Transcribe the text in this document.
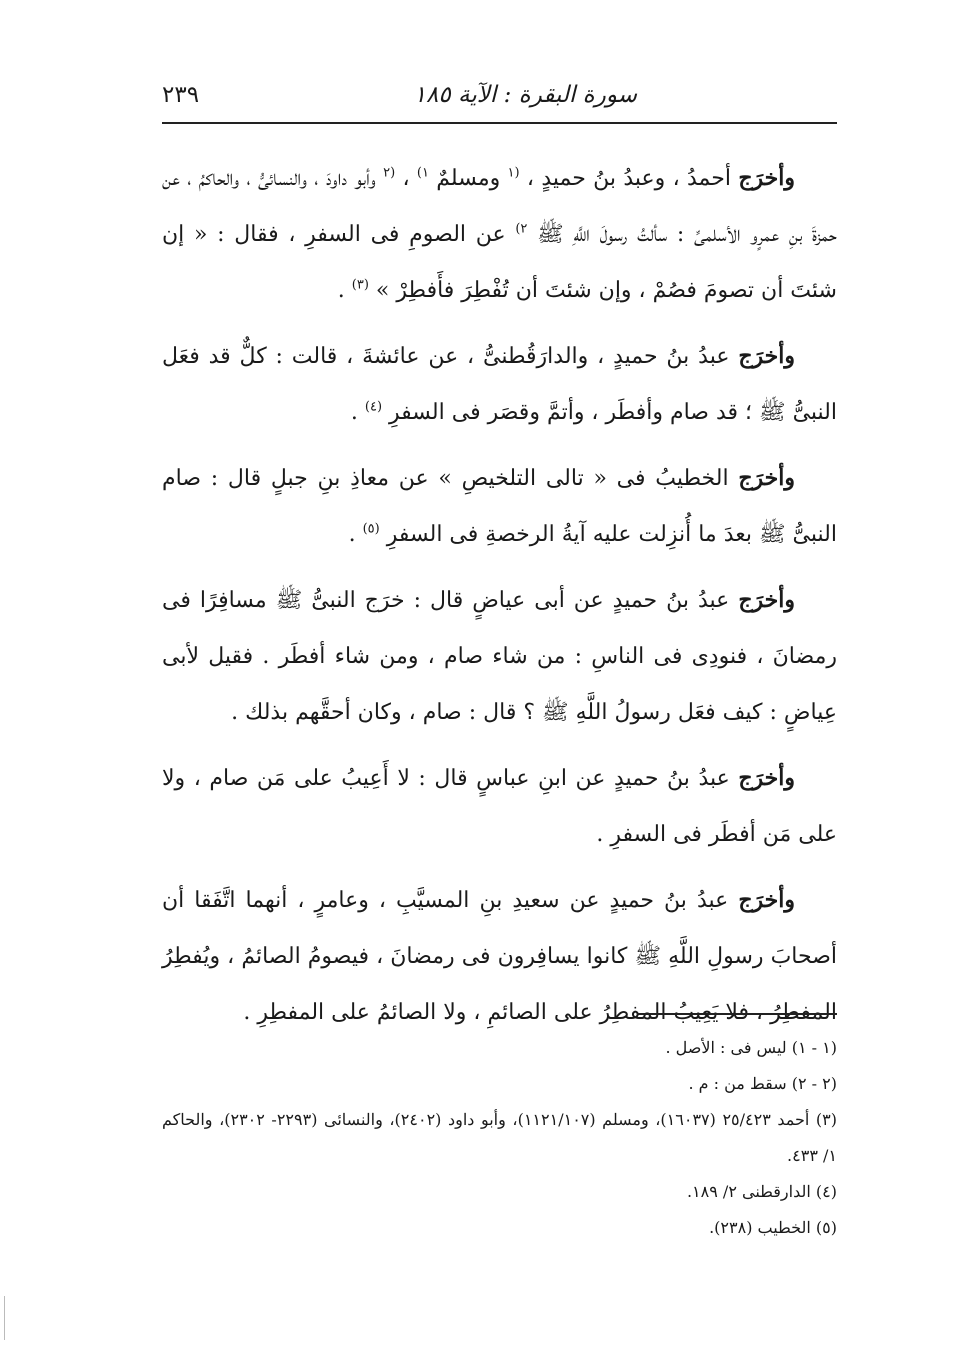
سورة البقرة : الآية ١٨٥
٢٣٩

وأخرَج أحمدُ ، وعبدُ بنُ حميدٍ ، $^{(١}$ ومسلمٌ $^{١)}$ ، $^{(٢}$ وأبو داودَ ، والنسائىُّ ، والحاكمُ ، عن حمزةَ بنِ عمرٍو الأسلمىِّ : سألتُ رسولَ اللَّهِ ﷺ $^{٢)}$ عن الصومِ فى السفرِ ، فقال : « إن شئتَ أن تصومَ فصُمْ ، وإن شئتَ أن تُفْطِرَ فأَفطِرْ » $^{(٣)}$ .

وأخرَج عبدُ بنُ حميدٍ ، والدارَقُطنىُّ ، عن عائشةَ ، قالت : كلٌّ قد فعَل النبىُّ ﷺ ؛ قد صام وأفطَر ، وأتمَّ وقصَر فى السفرِ $^{(٤)}$ .

وأخرَج الخطيبُ فى « تالى التلخيصِ » عن معاذِ بنِ جبلٍ قال : صام النبىُّ ﷺ بعدَ ما أُنزِلت عليه آيةُ الرخصةِ فى السفرِ $^{(٥)}$ .

وأخرَج عبدُ بنُ حميدٍ عن أبى عياضٍ قال : خرَج النبىُّ ﷺ مسافِرًا فى رمضانَ ، فنودِى فى الناسِ : من شاء صام ، ومن شاء أفطَر . فقيل لأبى عِياضٍ : كيف فعَل رسولُ اللَّهِ ﷺ ؟ قال : صام ، وكان أحقَّهم بذلك .

وأخرَج عبدُ بنُ حميدٍ عن ابنِ عباسٍ قال : لا أَعِيبُ على مَن صام ، ولا على مَن أفطَر فى السفرِ .

وأخرَج عبدُ بنُ حميدٍ عن سعيدِ بنِ المسيَّبِ ، وعامرٍ ، أنهما اتَّفَقا أن أصحابَ رسولِ اللَّهِ ﷺ كانوا يسافِرون فى رمضانَ ، فيصومُ الصائمُ ، ويُفطِرُ المفطِرُ ، فلا يَعِيبُ المفطِرُ على الصائمِ ، ولا الصائمُ على المفطِرِ .

(١ - ١) ليس فى : الأصل .

(٢ - ٢) سقط من : م .

(٣) أحمد ٢٥/٤٢٣ (١٦٠٣٧)، ومسلم (١١٢١/١٠٧)، وأبو داود (٢٤٠٢)، والنسائى (٢٢٩٣- ٢٣٠٢)، والحاكم ١/ ٤٣٣.

(٤) الدارقطنى ٢/ ١٨٩.

(٥) الخطيب (٢٣٨).
